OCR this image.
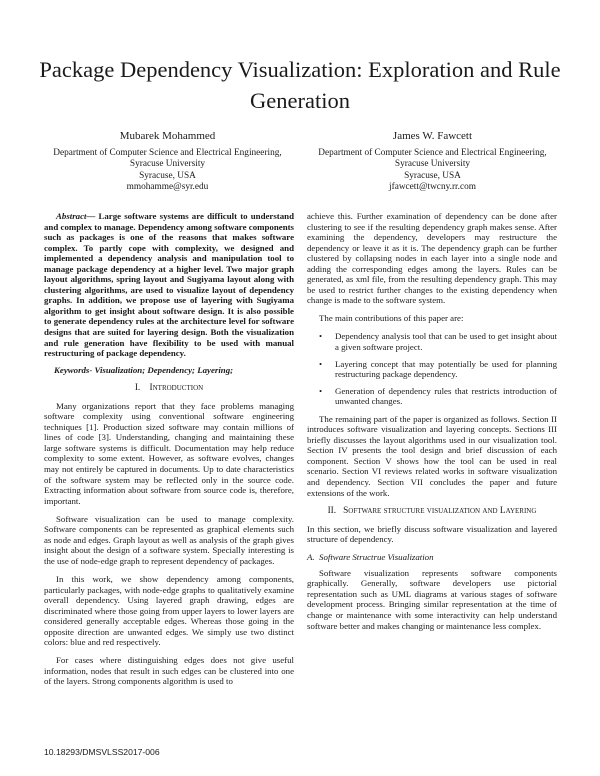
Package Dependency Visualization: Exploration and Rule Generation
Mubarek Mohammed
Department of Computer Science and Electrical Engineering, Syracuse University
Syracuse, USA
mmohamme@syr.edu
James W. Fawcett
Department of Computer Science and Electrical Engineering, Syracuse University
Syracuse, USA
jfawcett@twcny.rr.com

Abstract— Large software systems are difficult to understand and complex to manage. Dependency among software components such as packages is one of the reasons that makes software complex. To partly cope with complexity, we designed and implemented a dependency analysis and manipulation tool to manage package dependency at a higher level. Two major graph layout algorithms, spring layout and Sugiyama layout along with clustering algorithms, are used to visualize layout of dependency graphs. In addition, we propose use of layering with Sugiyama algorithm to get insight about software design. It is also possible to generate dependency rules at the architecture level for software designs that are suited for layering design. Both the visualization and rule generation have flexibility to be used with manual restructuring of package dependency.

Keywords- Visualization; Dependency; Layering;

I. Introduction

Many organizations report that they face problems managing software complexity using conventional software engineering techniques [1]. Production sized software may contain millions of lines of code [3]. Understanding, changing and maintaining these large software systems is difficult. Documentation may help reduce complexity to some extent. However, as software evolves, changes may not entirely be captured in documents. Up to date characteristics of the software system may be reflected only in the source code. Extracting information about software from source code is, therefore, important.

Software visualization can be used to manage complexity. Software components can be represented as graphical elements such as node and edges. Graph layout as well as analysis of the graph gives insight about the design of a software system. Specially interesting is the use of node-edge graph to represent dependency of packages.

In this work, we show dependency among components, particularly packages, with node-edge graphs to qualitatively examine overall dependency. Using layered graph drawing, edges are discriminated where those going from upper layers to lower layers are considered generally acceptable edges. Whereas those going in the opposite direction are unwanted edges. We simply use two distinct colors: blue and red respectively.

For cases where distinguishing edges does not give useful information, nodes that result in such edges can be clustered into one of the layers. Strong components algorithm is used to

achieve this. Further examination of dependency can be done after clustering to see if the resulting dependency graph makes sense. After examining the dependency, developers may restructure the dependency or leave it as it is. The dependency graph can be further clustered by collapsing nodes in each layer into a single node and adding the corresponding edges among the layers. Rules can be generated, as xml file, from the resulting dependency graph. This may be used to restrict further changes to the existing dependency when change is made to the software system.

The main contributions of this paper are:

• Dependency analysis tool that can be used to get insight about a given software project.
• Layering concept that may potentially be used for planning restructuring package dependency.
• Generation of dependency rules that restricts introduction of unwanted changes.

The remaining part of the paper is organized as follows. Section II introduces software visualization and layering concepts. Sections III briefly discusses the layout algorithms used in our visualization tool. Section IV presents the tool design and brief discussion of each component. Section V shows how the tool can be used in real scenario. Section VI reviews related works in software visualization and dependency. Section VII concludes the paper and future extensions of the work.

II. Software structure visualization and Layering

In this section, we briefly discuss software visualization and layered structure of dependency.

A. Software Structrue Visualization

Software visualization represents software components graphically. Generally, software developers use pictorial representation such as UML diagrams at various stages of software development process. Bringing similar representation at the time of change or maintenance with some interactivity can help understand software better and makes changing or maintenance less complex.

10.18293/DMSVLSS2017-006
